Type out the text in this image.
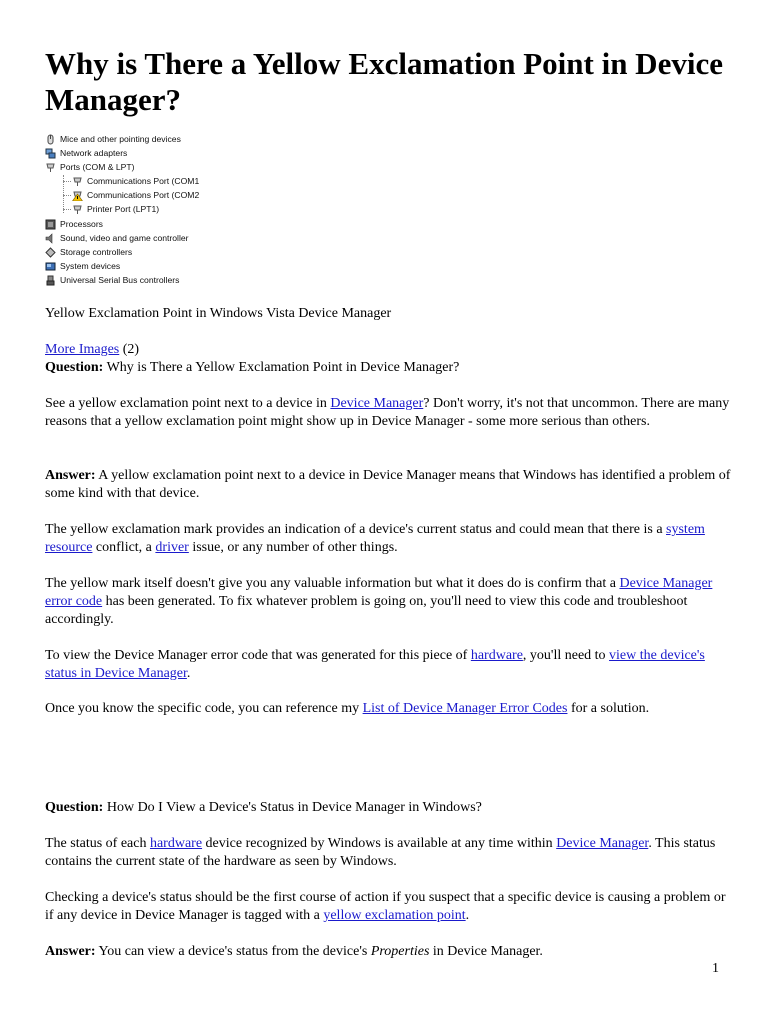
Why is There a Yellow Exclamation Point in Device Manager?
Mice and other pointing devices
Network adapters
Ports (COM & LPT)
Communications Port (COM1
Communications Port (COM2
Printer Port (LPT1)
Processors
Sound, video and game controller
Storage controllers
System devices
Universal Serial Bus controllers

Yellow Exclamation Point in Windows Vista Device Manager

More Images (2)

Question: Why is There a Yellow Exclamation Point in Device Manager?

See a yellow exclamation point next to a device in Device Manager? Don't worry, it's not that uncommon. There are many reasons that a yellow exclamation point might show up in Device Manager - some more serious than others.

Answer: A yellow exclamation point next to a device in Device Manager means that Windows has identified a problem of some kind with that device.

The yellow exclamation mark provides an indication of a device's current status and could mean that there is a system resource conflict, a driver issue, or any number of other things.

The yellow mark itself doesn't give you any valuable information but what it does do is confirm that a Device Manager error code has been generated. To fix whatever problem is going on, you'll need to view this code and troubleshoot accordingly.

To view the Device Manager error code that was generated for this piece of hardware, you'll need to view the device's status in Device Manager.

Once you know the specific code, you can reference my List of Device Manager Error Codes for a solution.

Question: How Do I View a Device's Status in Device Manager in Windows?

The status of each hardware device recognized by Windows is available at any time within Device Manager. This status contains the current state of the hardware as seen by Windows.

Checking a device's status should be the first course of action if you suspect that a specific device is causing a problem or if any device in Device Manager is tagged with a yellow exclamation point.

Answer: You can view a device's status from the device's Properties in Device Manager.

1
